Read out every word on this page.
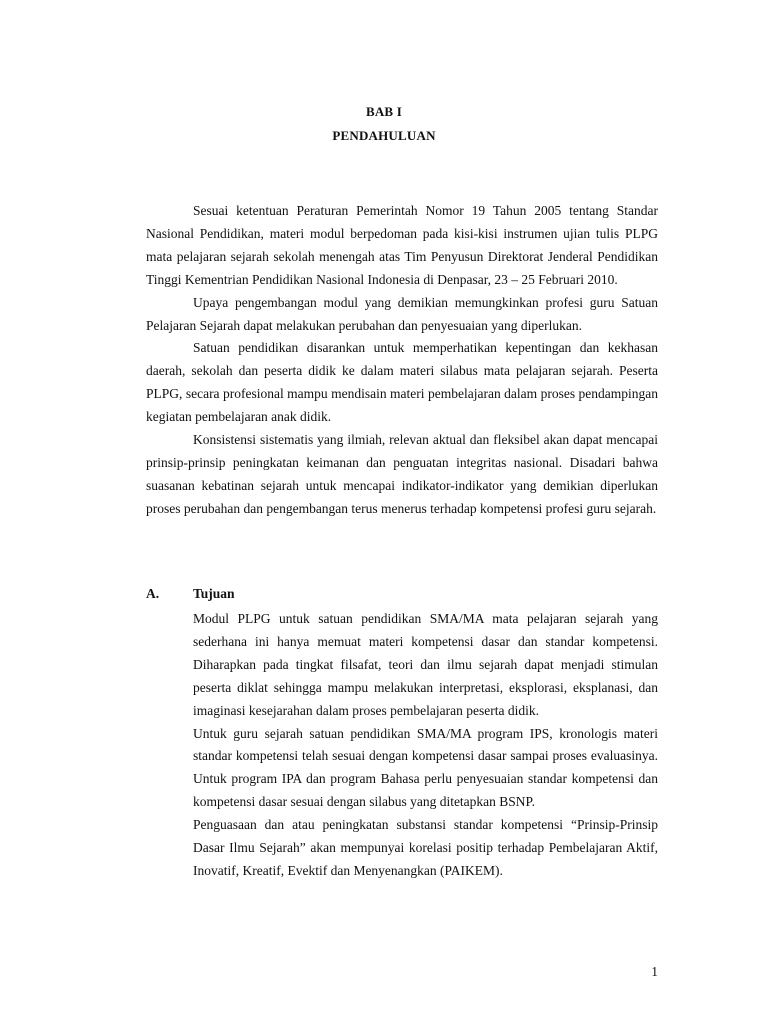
BAB I
PENDAHULUAN

Sesuai ketentuan Peraturan Pemerintah Nomor 19 Tahun 2005 tentang Standar Nasional Pendidikan, materi modul berpedoman pada kisi-kisi instrumen ujian tulis PLPG mata pelajaran sejarah sekolah menengah atas Tim Penyusun Direktorat Jenderal Pendidikan Tinggi Kementrian Pendidikan Nasional Indonesia di Denpasar, 23 – 25 Februari 2010.

Upaya pengembangan modul yang demikian memungkinkan profesi guru Satuan Pelajaran Sejarah dapat melakukan perubahan dan penyesuaian yang diperlukan.

Satuan pendidikan disarankan untuk memperhatikan kepentingan dan kekhasan daerah, sekolah dan peserta didik ke dalam materi silabus mata pelajaran sejarah. Peserta PLPG, secara profesional mampu mendisain materi pembelajaran dalam proses pendampingan kegiatan pembelajaran anak didik.

Konsistensi sistematis yang ilmiah, relevan aktual dan fleksibel akan dapat mencapai prinsip-prinsip peningkatan keimanan dan penguatan integritas nasional. Disadari bahwa suasanan kebatinan sejarah untuk mencapai indikator-indikator yang demikian diperlukan proses perubahan dan pengembangan terus menerus terhadap kompetensi profesi guru sejarah.

A.	Tujuan

Modul PLPG untuk satuan pendidikan SMA/MA mata pelajaran sejarah yang sederhana ini hanya memuat materi kompetensi dasar dan standar kompetensi. Diharapkan pada tingkat filsafat, teori dan ilmu sejarah dapat menjadi stimulan peserta diklat sehingga mampu melakukan interpretasi, eksplorasi, eksplanasi, dan imaginasi kesejarahan dalam proses pembelajaran peserta didik.

Untuk guru sejarah satuan pendidikan SMA/MA program IPS, kronologis materi standar kompetensi telah sesuai dengan kompetensi dasar sampai proses evaluasinya. Untuk program IPA dan program Bahasa perlu penyesuaian standar kompetensi dan kompetensi dasar sesuai dengan silabus yang ditetapkan BSNP.

Penguasaan dan atau peningkatan substansi standar kompetensi “Prinsip-Prinsip Dasar Ilmu Sejarah” akan mempunyai korelasi positip terhadap Pembelajaran Aktif, Inovatif, Kreatif, Evektif dan Menyenangkan (PAIKEM).

1
